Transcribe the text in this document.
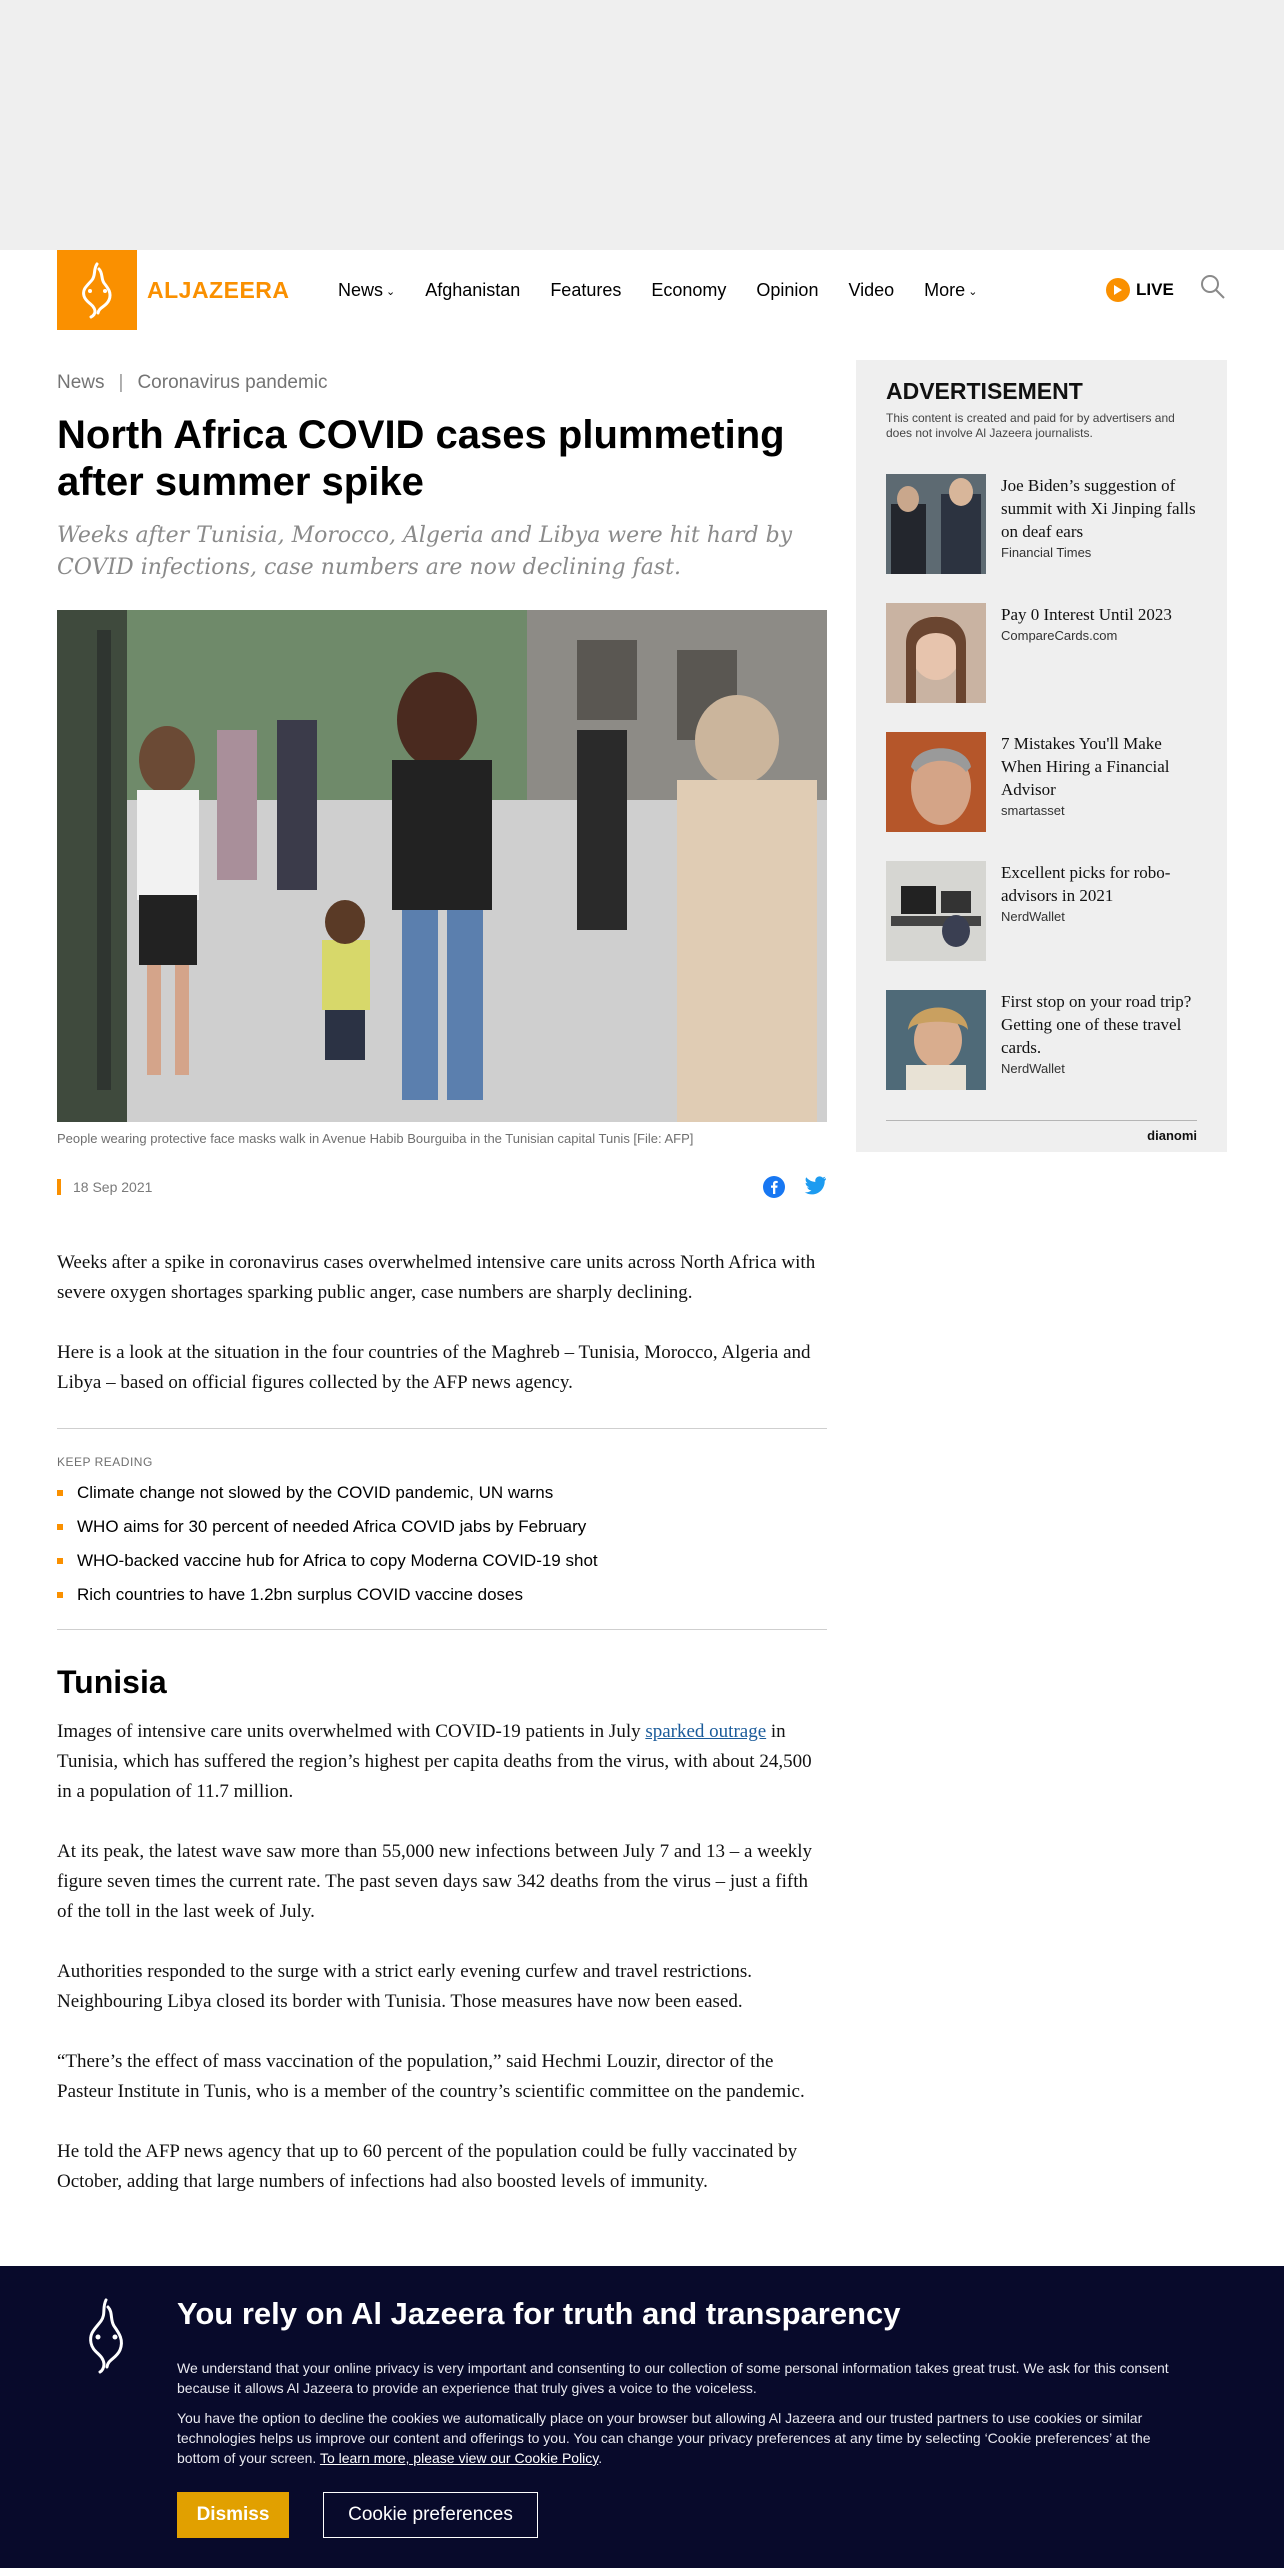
ALJAZEERA	News ⌄ Afghanistan Features Economy Opinion Video More ⌄	LIVE
News | Coronavirus pandemic
North Africa COVID cases plummeting after summer spike

Weeks after Tunisia, Morocco, Algeria and Libya were hit hard by COVID infections, case numbers are now declining fast.

People wearing protective face masks walk in Avenue Habib Bourguiba in the Tunisian capital Tunis [File: AFP]

18 Sep 2021

Weeks after a spike in coronavirus cases overwhelmed intensive care units across North Africa with severe oxygen shortages sparking public anger, case numbers are sharply declining.

Here is a look at the situation in the four countries of the Maghreb – Tunisia, Morocco, Algeria and Libya – based on official figures collected by the AFP news agency.

KEEP READING
Climate change not slowed by the COVID pandemic, UN warns
WHO aims for 30 percent of needed Africa COVID jabs by February
WHO-backed vaccine hub for Africa to copy Moderna COVID-19 shot
Rich countries to have 1.2bn surplus COVID vaccine doses
Tunisia

Images of intensive care units overwhelmed with COVID-19 patients in July sparked outrage in Tunisia, which has suffered the region’s highest per capita deaths from the virus, with about 24,500 in a population of 11.7 million.

At its peak, the latest wave saw more than 55,000 new infections between July 7 and 13 – a weekly figure seven times the current rate. The past seven days saw 342 deaths from the virus – just a fifth of the toll in the last week of July.

Authorities responded to the surge with a strict early evening curfew and travel restrictions. Neighbouring Libya closed its border with Tunisia. Those measures have now been eased.

“There’s the effect of mass vaccination of the population,” said Hechmi Louzir, director of the Pasteur Institute in Tunis, who is a member of the country’s scientific committee on the pandemic.

He told the AFP news agency that up to 60 percent of the population could be fully vaccinated by October, adding that large numbers of infections had also boosted levels of immunity.

ADVERTISEMENT
This content is created and paid for by advertisers and does not involve Al Jazeera journalists.
Joe Biden’s suggestion of summit with Xi Jinping falls on deaf ears
Financial Times
Pay 0 Interest Until 2023
CompareCards.com
7 Mistakes You'll Make When Hiring a Financial Advisor
smartasset
Excellent picks for robo-advisors in 2021
NerdWallet
First stop on your road trip? Getting one of these travel cards.
NerdWallet
dianomi
You rely on Al Jazeera for truth and transparency

We understand that your online privacy is very important and consenting to our collection of some personal information takes great trust. We ask for this consent because it allows Al Jazeera to provide an experience that truly gives a voice to the voiceless.

You have the option to decline the cookies we automatically place on your browser but allowing Al Jazeera and our trusted partners to use cookies or similar technologies helps us improve our content and offerings to you. You can change your privacy preferences at any time by selecting ‘Cookie preferences’ at the bottom of your screen. To learn more, please view our Cookie Policy.

Dismiss	Cookie preferences
